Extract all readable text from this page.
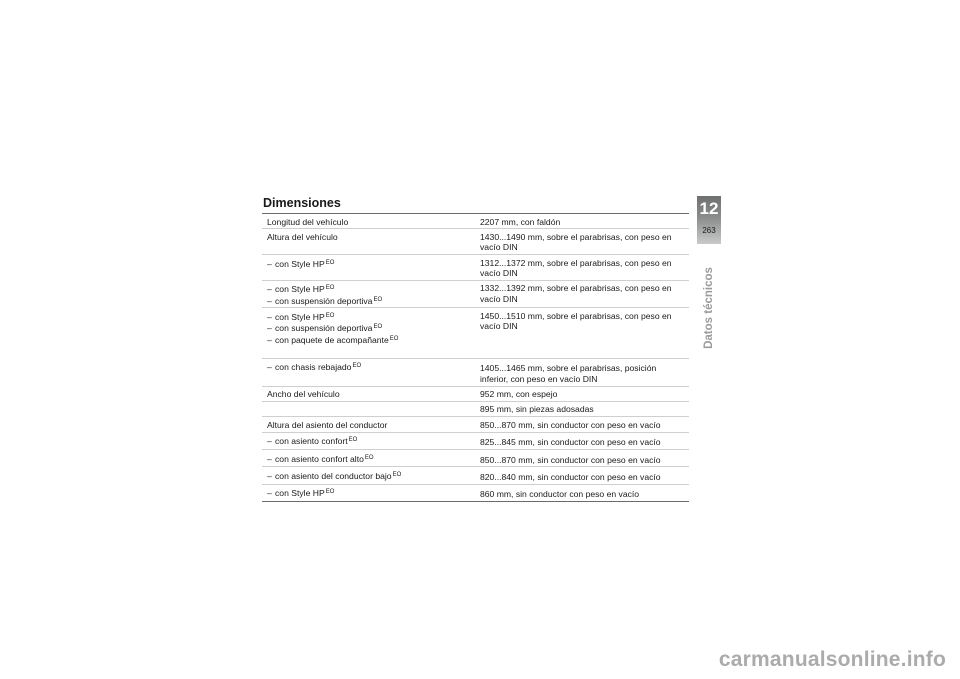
Dimensiones
Longitud del vehículo	2207 mm, con faldón

Altura del vehículo	1430...1490 mm, sobre el parabrisas, con peso en vacío DIN

– con Style $HP^{EO}$	1312...1372 mm, sobre el parabrisas, con peso en vacío DIN

– con Style $HP^{EO}$
– con suspensión deportiva$^{EO}$	1332...1392 mm, sobre el parabrisas, con peso en vacío DIN

– con Style $HP^{EO}$
– con suspensión deportiva$^{EO}$
– con paquete de acompañante$^{EO}$	1450...1510 mm, sobre el parabrisas, con peso en vacío DIN

– con chasis rebajado$^{EO}$	1405...1465 mm, sobre el parabrisas, posición inferior, con peso en vacío DIN

Ancho del vehículo	952 mm, con espejo
	895 mm, sin piezas adosadas

Altura del asiento del conductor	850...870 mm, sin conductor con peso en vacío

– con asiento confort$^{EO}$	825...845 mm, sin conductor con peso en vacío

– con asiento confort alto$^{EO}$	850...870 mm, sin conductor con peso en vacío

– con asiento del conductor bajo$^{EO}$	820...840 mm, sin conductor con peso en vacío

– con Style $HP^{EO}$	860 mm, sin conductor con peso en vacío
12
263
Datos técnicos
carmanualsonline.info
